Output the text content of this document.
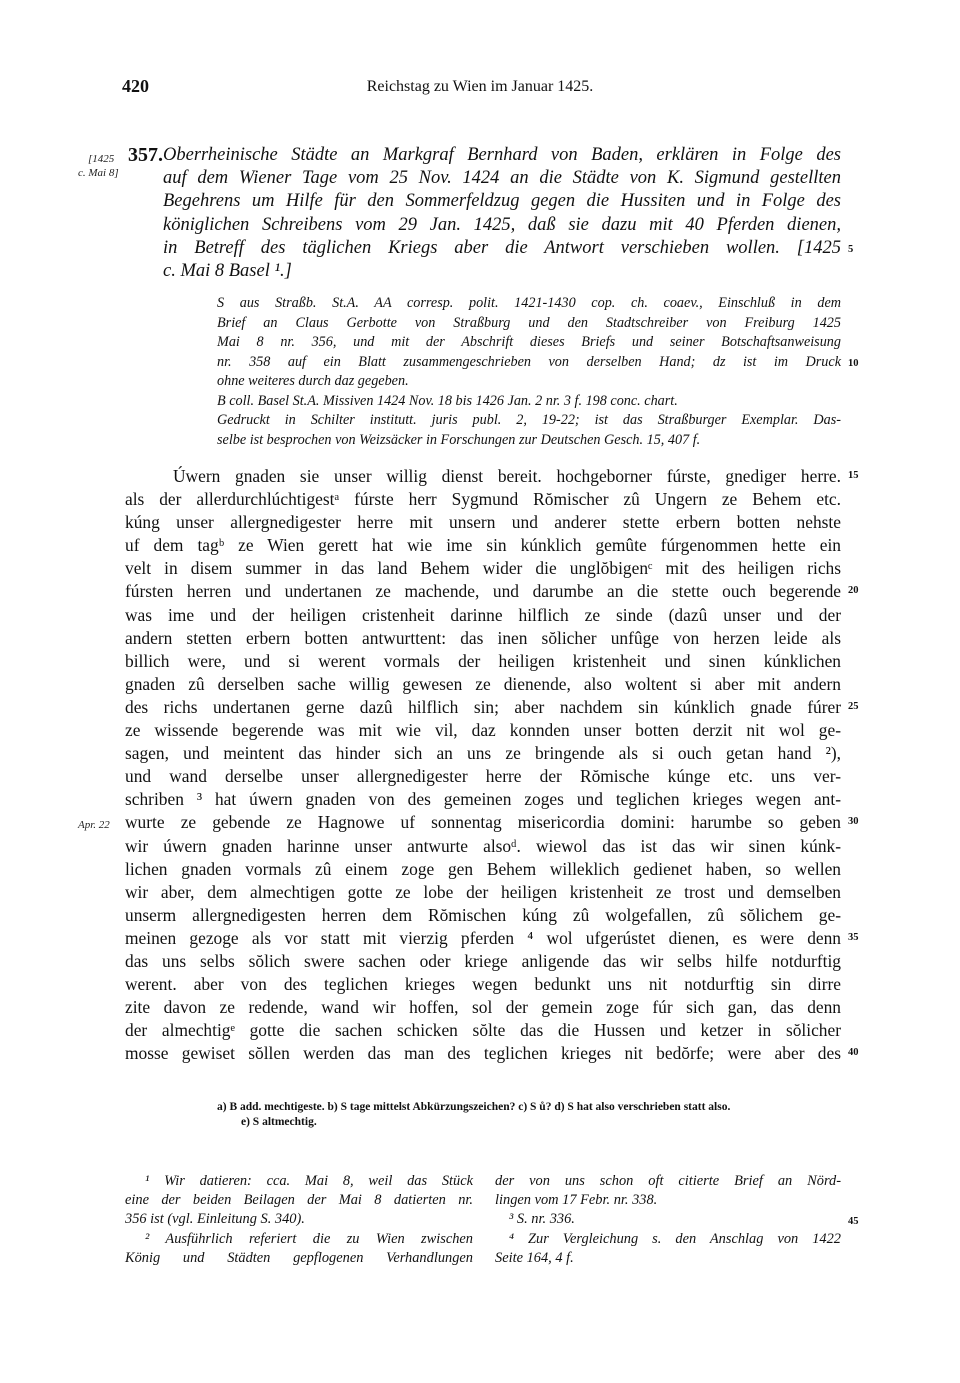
420	Reichstag zu Wien im Januar 1425.
[1425
c. Mai 8]
Apr. 22
357. Oberrheinische Städte an Markgraf Bernhard von Baden, erklären in Folge des
auf dem Wiener Tage vom 25 Nov. 1424 an die Städte von K. Sigmund gestellten
Begehrens um Hilfe für den Sommerfeldzug gegen die Hussiten und in Folge des
königlichen Schreibens vom 29 Jan. 1425, daß sie dazu mit 40 Pferden dienen,
in Betreff des täglichen Kriegs aber die Antwort verschieben wollen. [1425
c. Mai 8 Basel ¹.]
S aus Straßb. St.A. AA corresp. polit. 1421-1430 cop. ch. coaev., Einschluß in dem
Brief an Claus Gerbotte von Straßburg und den Stadtschreiber von Freiburg 1425
Mai 8 nr. 356, und mit der Abschrift dieses Briefs und seiner Botschaftsanweisung
nr. 358 auf ein Blatt zusammengeschrieben von derselben Hand; dz ist im Druck
ohne weiteres durch daz gegeben.
B coll. Basel St.A. Missiven 1424 Nov. 18 bis 1426 Jan. 2 nr. 3 f. 198 conc. chart.
Gedruckt in Schilter institutt. juris publ. 2, 19-22; ist das Straßburger Exemplar. Das-
selbe ist besprochen von Weizsäcker in Forschungen zur Deutschen Gesch. 15, 407 f.
Úwern gnaden sie unser willig dienst bereit. hochgeborner fúrste, gnediger herre.
als der allerdurchlúchtigestᵃ fúrste herr Sygmund Rŏmischer zû Ungern ze Behem etc.
kúng unser allergnedigester herre mit unsern und anderer stette erbern botten nehste
uf dem tagᵇ ze Wien gerett hat wie ime sin kúnklich gemûte fúrgenommen hette ein
velt in disem summer in das land Behem wider die unglŏbigenᶜ mit des heiligen richs
fúrsten herren und undertanen ze machende, und darumbe an die stette ouch begerende
was ime und der heiligen cristenheit darinne hilflich ze sinde (dazû unser und der
andern stetten erbern botten antwurttent: das inen sŏlicher unfûge von herzen leide als
billich were, und si werent vormals der heiligen kristenheit und sinen kúnklichen
gnaden zû derselben sache willig gewesen ze dienende, also woltent si aber mit andern
des richs undertanen gerne dazû hilflich sin; aber nachdem sin kúnklich gnade fúrer
ze wissende begerende was mit wie vil, daz konnden unser botten derzit nit wol ge-
sagen, und meintent das hinder sich an uns ze bringende als si ouch getan hand ²),
und wand derselbe unser allergnedigester herre der Rŏmische kúnge etc. uns ver-
schriben ³ hat úwern gnaden von des gemeinen zoges und teglichen krieges wegen ant-
wurte ze gebende ze Hagnowe uf sonnentag misericordia domini: harumbe so geben
wir úwern gnaden harinne unser antwurte alsoᵈ. wiewol das ist das wir sinen kúnk-
lichen gnaden vormals zû einem zoge gen Behem willeklich gedienet haben, so wellen
wir aber, dem almechtigen gotte ze lobe der heiligen kristenheit ze trost und demselben
unserm allergnedigesten herren dem Rŏmischen kúng zû wolgefallen, zû sŏlichem ge-
meinen gezoge als vor statt mit vierzig pferden ⁴ wol ufgerústet dienen, es were denn
das uns selbs sŏlich swere sachen oder kriege anligende das wir selbs hilfe notdurftig
werent. aber von des teglichen krieges wegen bedunkt uns nit notdurftig sin dirre
zite davon ze redende, wand wir hoffen, sol der gemein zoge fúr sich gan, das denn
der almechtigᵉ gotte die sachen schicken sŏlte das die Hussen und ketzer in sŏlicher
mosse gewiset sŏllen werden das man des teglichen krieges nit bedŏrfe; were aber des
5
10
15
20
25
30
35
40
45
a) B add. mechtigeste. b) S tage mittelst Abkürzungszeichen? c) S ů? d) S hat also verschrieben statt also.
e) S altmechtig.
¹ Wir datieren: cca. Mai 8, weil das Stück
eine der beiden Beilagen der Mai 8 datierten nr.
356 ist (vgl. Einleitung S. 340).
² Ausführlich referiert die zu Wien zwischen
König und Städten gepflogenen Verhandlungen
der von uns schon oft citierte Brief an Nörd-
lingen vom 17 Febr. nr. 338.
³ S. nr. 336.
⁴ Zur Vergleichung s. den Anschlag von 1422
Seite 164, 4 f.
